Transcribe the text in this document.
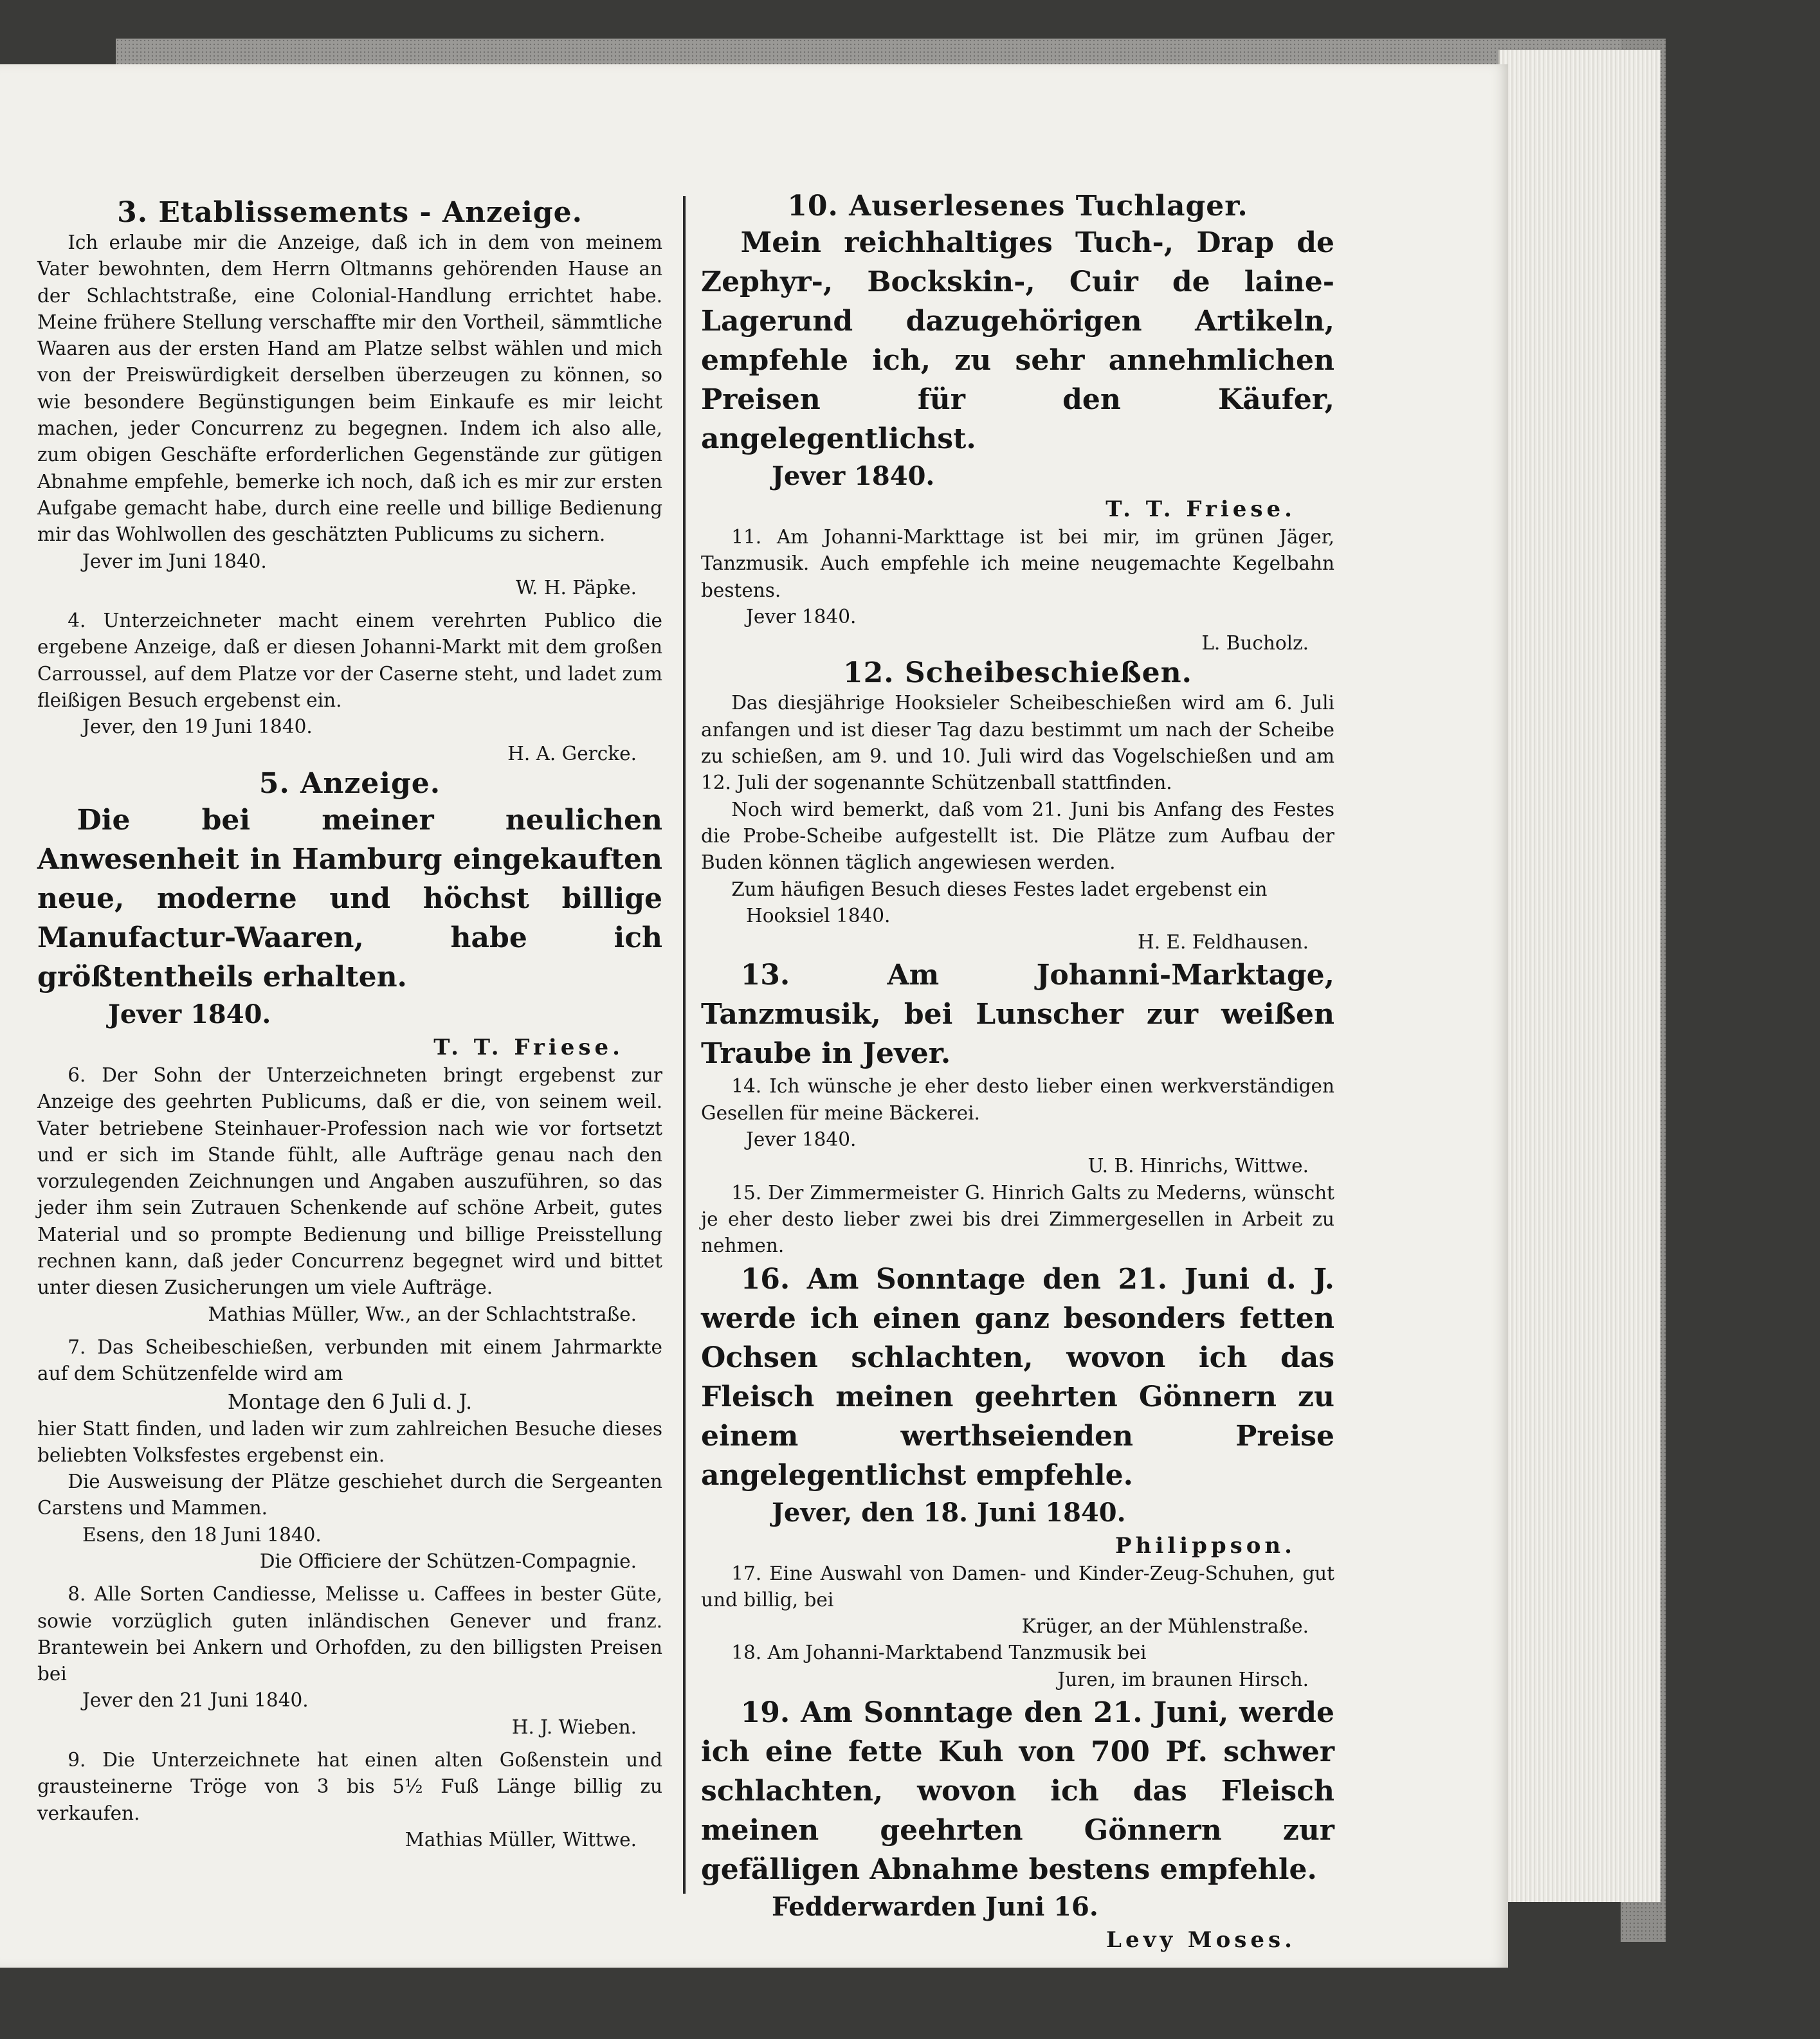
3. Etablissements - Anzeige.

Ich erlaube mir die Anzeige, daß ich in dem von meinem Vater bewohnten, dem Herrn Oltmanns gehörenden Hause an der Schlachtstraße, eine Colonial-Handlung errichtet habe. Meine frühere Stellung verschaffte mir den Vortheil, sämmtliche Waaren aus der ersten Hand am Platze selbst wählen und mich von der Preiswürdigkeit derselben überzeugen zu können, so wie besondere Begünstigungen beim Einkaufe es mir leicht machen, jeder Concurrenz zu begegnen. Indem ich also alle, zum obigen Geschäfte erforderlichen Gegenstände zur gütigen Abnahme empfehle, bemerke ich noch, daß ich es mir zur ersten Aufgabe gemacht habe, durch eine reelle und billige Bedienung mir das Wohlwollen des geschätzten Publicums zu sichern.

Jever im Juni 1840.

W. H. Päpke.

4. Unterzeichneter macht einem verehrten Publico die ergebene Anzeige, daß er diesen Johanni-Markt mit dem großen Carroussel, auf dem Platze vor der Caserne steht, und ladet zum fleißigen Besuch ergebenst ein.

Jever, den 19 Juni 1840.

H. A. Gercke.

5. Anzeige.

Die bei meiner neulichen Anwesenheit in Hamburg eingekauften neue, moderne und höchst billige Manufactur-Waaren, habe ich größtentheils erhalten.

Jever 1840.

T. T. Friese.

6. Der Sohn der Unterzeichneten bringt ergebenst zur Anzeige des geehrten Publicums, daß er die, von seinem weil. Vater betriebene Steinhauer-Profession nach wie vor fortsetzt und er sich im Stande fühlt, alle Aufträge genau nach den vorzulegenden Zeichnungen und Angaben auszuführen, so das jeder ihm sein Zutrauen Schenkende auf schöne Arbeit, gutes Material und so prompte Bedienung und billige Preisstellung rechnen kann, daß jeder Concurrenz begegnet wird und bittet unter diesen Zusicherungen um viele Aufträge.

Mathias Müller, Ww., an der Schlachtstraße.

7. Das Scheibeschießen, verbunden mit einem Jahrmarkte auf dem Schützenfelde wird am

Montage den 6 Juli d. J.

hier Statt finden, und laden wir zum zahlreichen Besuche dieses beliebten Volksfestes ergebenst ein.

Die Ausweisung der Plätze geschiehet durch die Sergeanten Carstens und Mammen.

Esens, den 18 Juni 1840.

Die Officiere der Schützen-Compagnie.

8. Alle Sorten Candiesse, Melisse u. Caffees in bester Güte, sowie vorzüglich guten inländischen Genever und franz. Brantewein bei Ankern und Orhofden, zu den billigsten Preisen bei

Jever den 21 Juni 1840.

H. J. Wieben.

9. Die Unterzeichnete hat einen alten Goßenstein und grausteinerne Tröge von 3 bis 5½ Fuß Länge billig zu verkaufen.

Mathias Müller, Wittwe.

10. Auserlesenes Tuchlager.

Mein reichhaltiges Tuch-, Drap de Zephyr-, Bockskin-, Cuir de laine-Lagerund dazugehörigen Artikeln, empfehle ich, zu sehr annehmlichen Preisen für den Käufer, angelegentlichst.

Jever 1840.

T. T. Friese.

11. Am Johanni-Markttage ist bei mir, im grünen Jäger, Tanzmusik. Auch empfehle ich meine neugemachte Kegelbahn bestens.

Jever 1840.

L. Bucholz.

12. Scheibeschießen.

Das diesjährige Hooksieler Scheibeschießen wird am 6. Juli anfangen und ist dieser Tag dazu bestimmt um nach der Scheibe zu schießen, am 9. und 10. Juli wird das Vogelschießen und am 12. Juli der sogenannte Schützenball stattfinden.

Noch wird bemerkt, daß vom 21. Juni bis Anfang des Festes die Probe-Scheibe aufgestellt ist. Die Plätze zum Aufbau der Buden können täglich angewiesen werden.

Zum häufigen Besuch dieses Festes ladet ergebenst ein

Hooksiel 1840.

H. E. Feldhausen.

13. Am Johanni-Marktage, Tanzmusik, bei Lunscher zur weißen Traube in Jever.

14. Ich wünsche je eher desto lieber einen werkverständigen Gesellen für meine Bäckerei.

Jever 1840.

U. B. Hinrichs, Wittwe.

15. Der Zimmermeister G. Hinrich Galts zu Mederns, wünscht je eher desto lieber zwei bis drei Zimmergesellen in Arbeit zu nehmen.

16. Am Sonntage den 21. Juni d. J. werde ich einen ganz besonders fetten Ochsen schlachten, wovon ich das Fleisch meinen geehrten Gönnern zu einem werthseienden Preise angelegentlichst empfehle.

Jever, den 18. Juni 1840.

Philippson.

17. Eine Auswahl von Damen- und Kinder-Zeug-Schuhen, gut und billig, bei

Krüger, an der Mühlenstraße.

18. Am Johanni-Marktabend Tanzmusik bei

Juren, im braunen Hirsch.

19. Am Sonntage den 21. Juni, werde ich eine fette Kuh von 700 Pf. schwer schlachten, wovon ich das Fleisch meinen geehrten Gönnern zur gefälligen Abnahme bestens empfehle.

Fedderwarden Juni 16.

Levy Moses.
